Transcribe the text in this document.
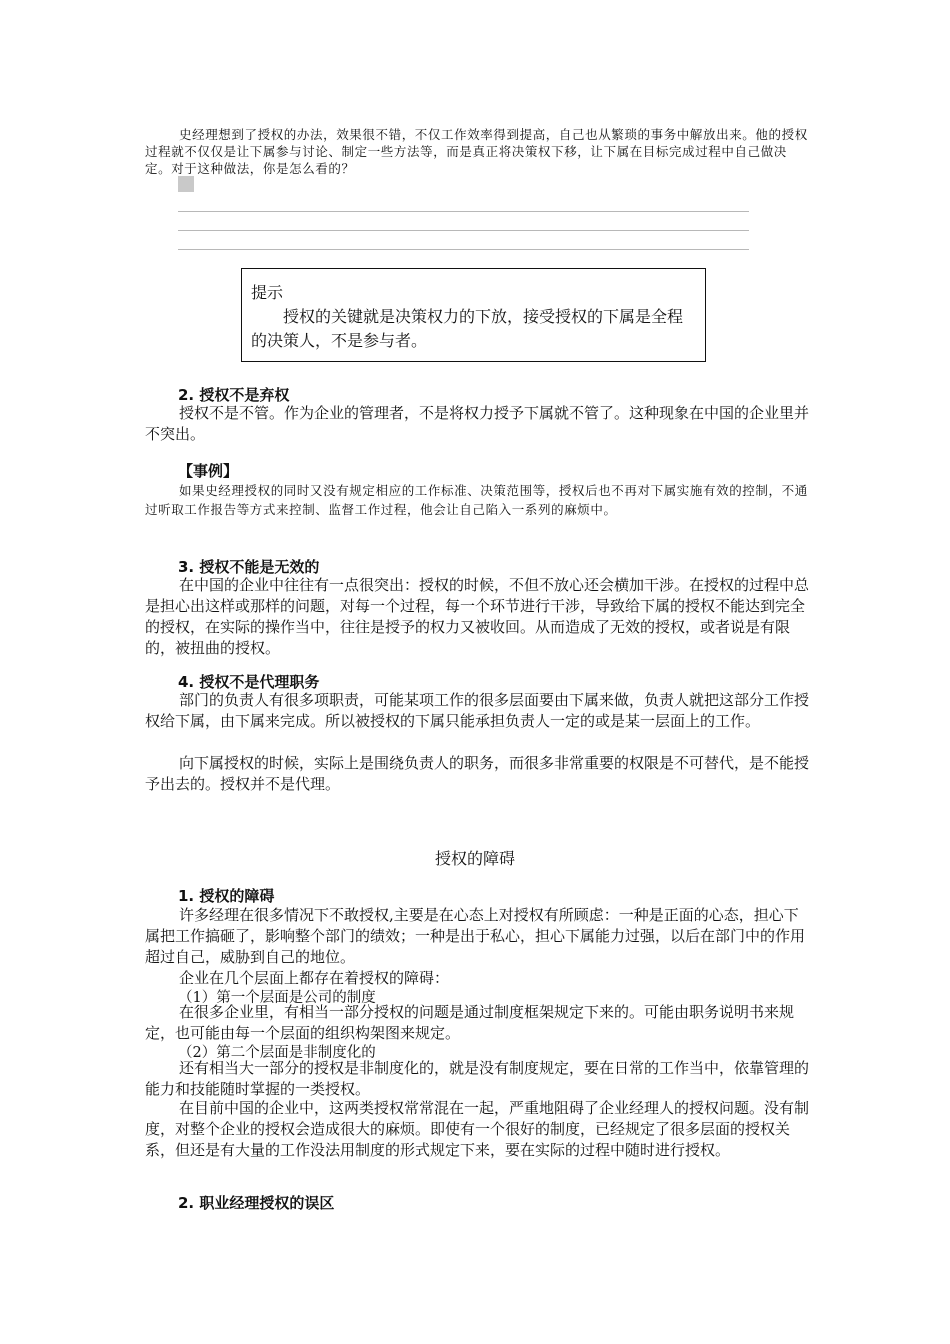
史经理想到了授权的办法，效果很不错，不仅工作效率得到提高，自己也从繁琐的事务中解放出来。他的授权过程就不仅仅是让下属参与讨论、制定一些方法等，而是真正将决策权下移，让下属在目标完成过程中自己做决定。对于这种做法，你是怎么看的？

提示

授权的关键就是决策权力的下放，接受授权的下属是全程的决策人，不是参与者。

2. 授权不是弃权

授权不是不管。作为企业的管理者，不是将权力授予下属就不管了。这种现象在中国的企业里并不突出。

【事例】

如果史经理授权的同时又没有规定相应的工作标准、决策范围等，授权后也不再对下属实施有效的控制，不通过听取工作报告等方式来控制、监督工作过程，他会让自己陷入一系列的麻烦中。

3. 授权不能是无效的

在中国的企业中往往有一点很突出：授权的时候，不但不放心还会横加干涉。在授权的过程中总是担心出这样或那样的问题，对每一个过程，每一个环节进行干涉，导致给下属的授权不能达到完全的授权，在实际的操作当中，往往是授予的权力又被收回。从而造成了无效的授权，或者说是有限的，被扭曲的授权。

4. 授权不是代理职务

部门的负责人有很多项职责，可能某项工作的很多层面要由下属来做，负责人就把这部分工作授权给下属，由下属来完成。所以被授权的下属只能承担负责人一定的或是某一层面上的工作。

向下属授权的时候，实际上是围绕负责人的职务，而很多非常重要的权限是不可替代，是不能授予出去的。授权并不是代理。

授权的障碍

1. 授权的障碍

许多经理在很多情况下不敢授权,主要是在心态上对授权有所顾虑：一种是正面的心态，担心下属把工作搞砸了，影响整个部门的绩效；一种是出于私心，担心下属能力过强，以后在部门中的作用超过自己，威胁到自己的地位。

企业在几个层面上都存在着授权的障碍：

（1）第一个层面是公司的制度

在很多企业里，有相当一部分授权的问题是通过制度框架规定下来的。可能由职务说明书来规定，也可能由每一个层面的组织构架图来规定。

（2）第二个层面是非制度化的

还有相当大一部分的授权是非制度化的，就是没有制度规定，要在日常的工作当中，依靠管理的能力和技能随时掌握的一类授权。

在目前中国的企业中，这两类授权常常混在一起，严重地阻碍了企业经理人的授权问题。没有制度，对整个企业的授权会造成很大的麻烦。即使有一个很好的制度，已经规定了很多层面的授权关系，但还是有大量的工作没法用制度的形式规定下来，要在实际的过程中随时进行授权。

2. 职业经理授权的误区
